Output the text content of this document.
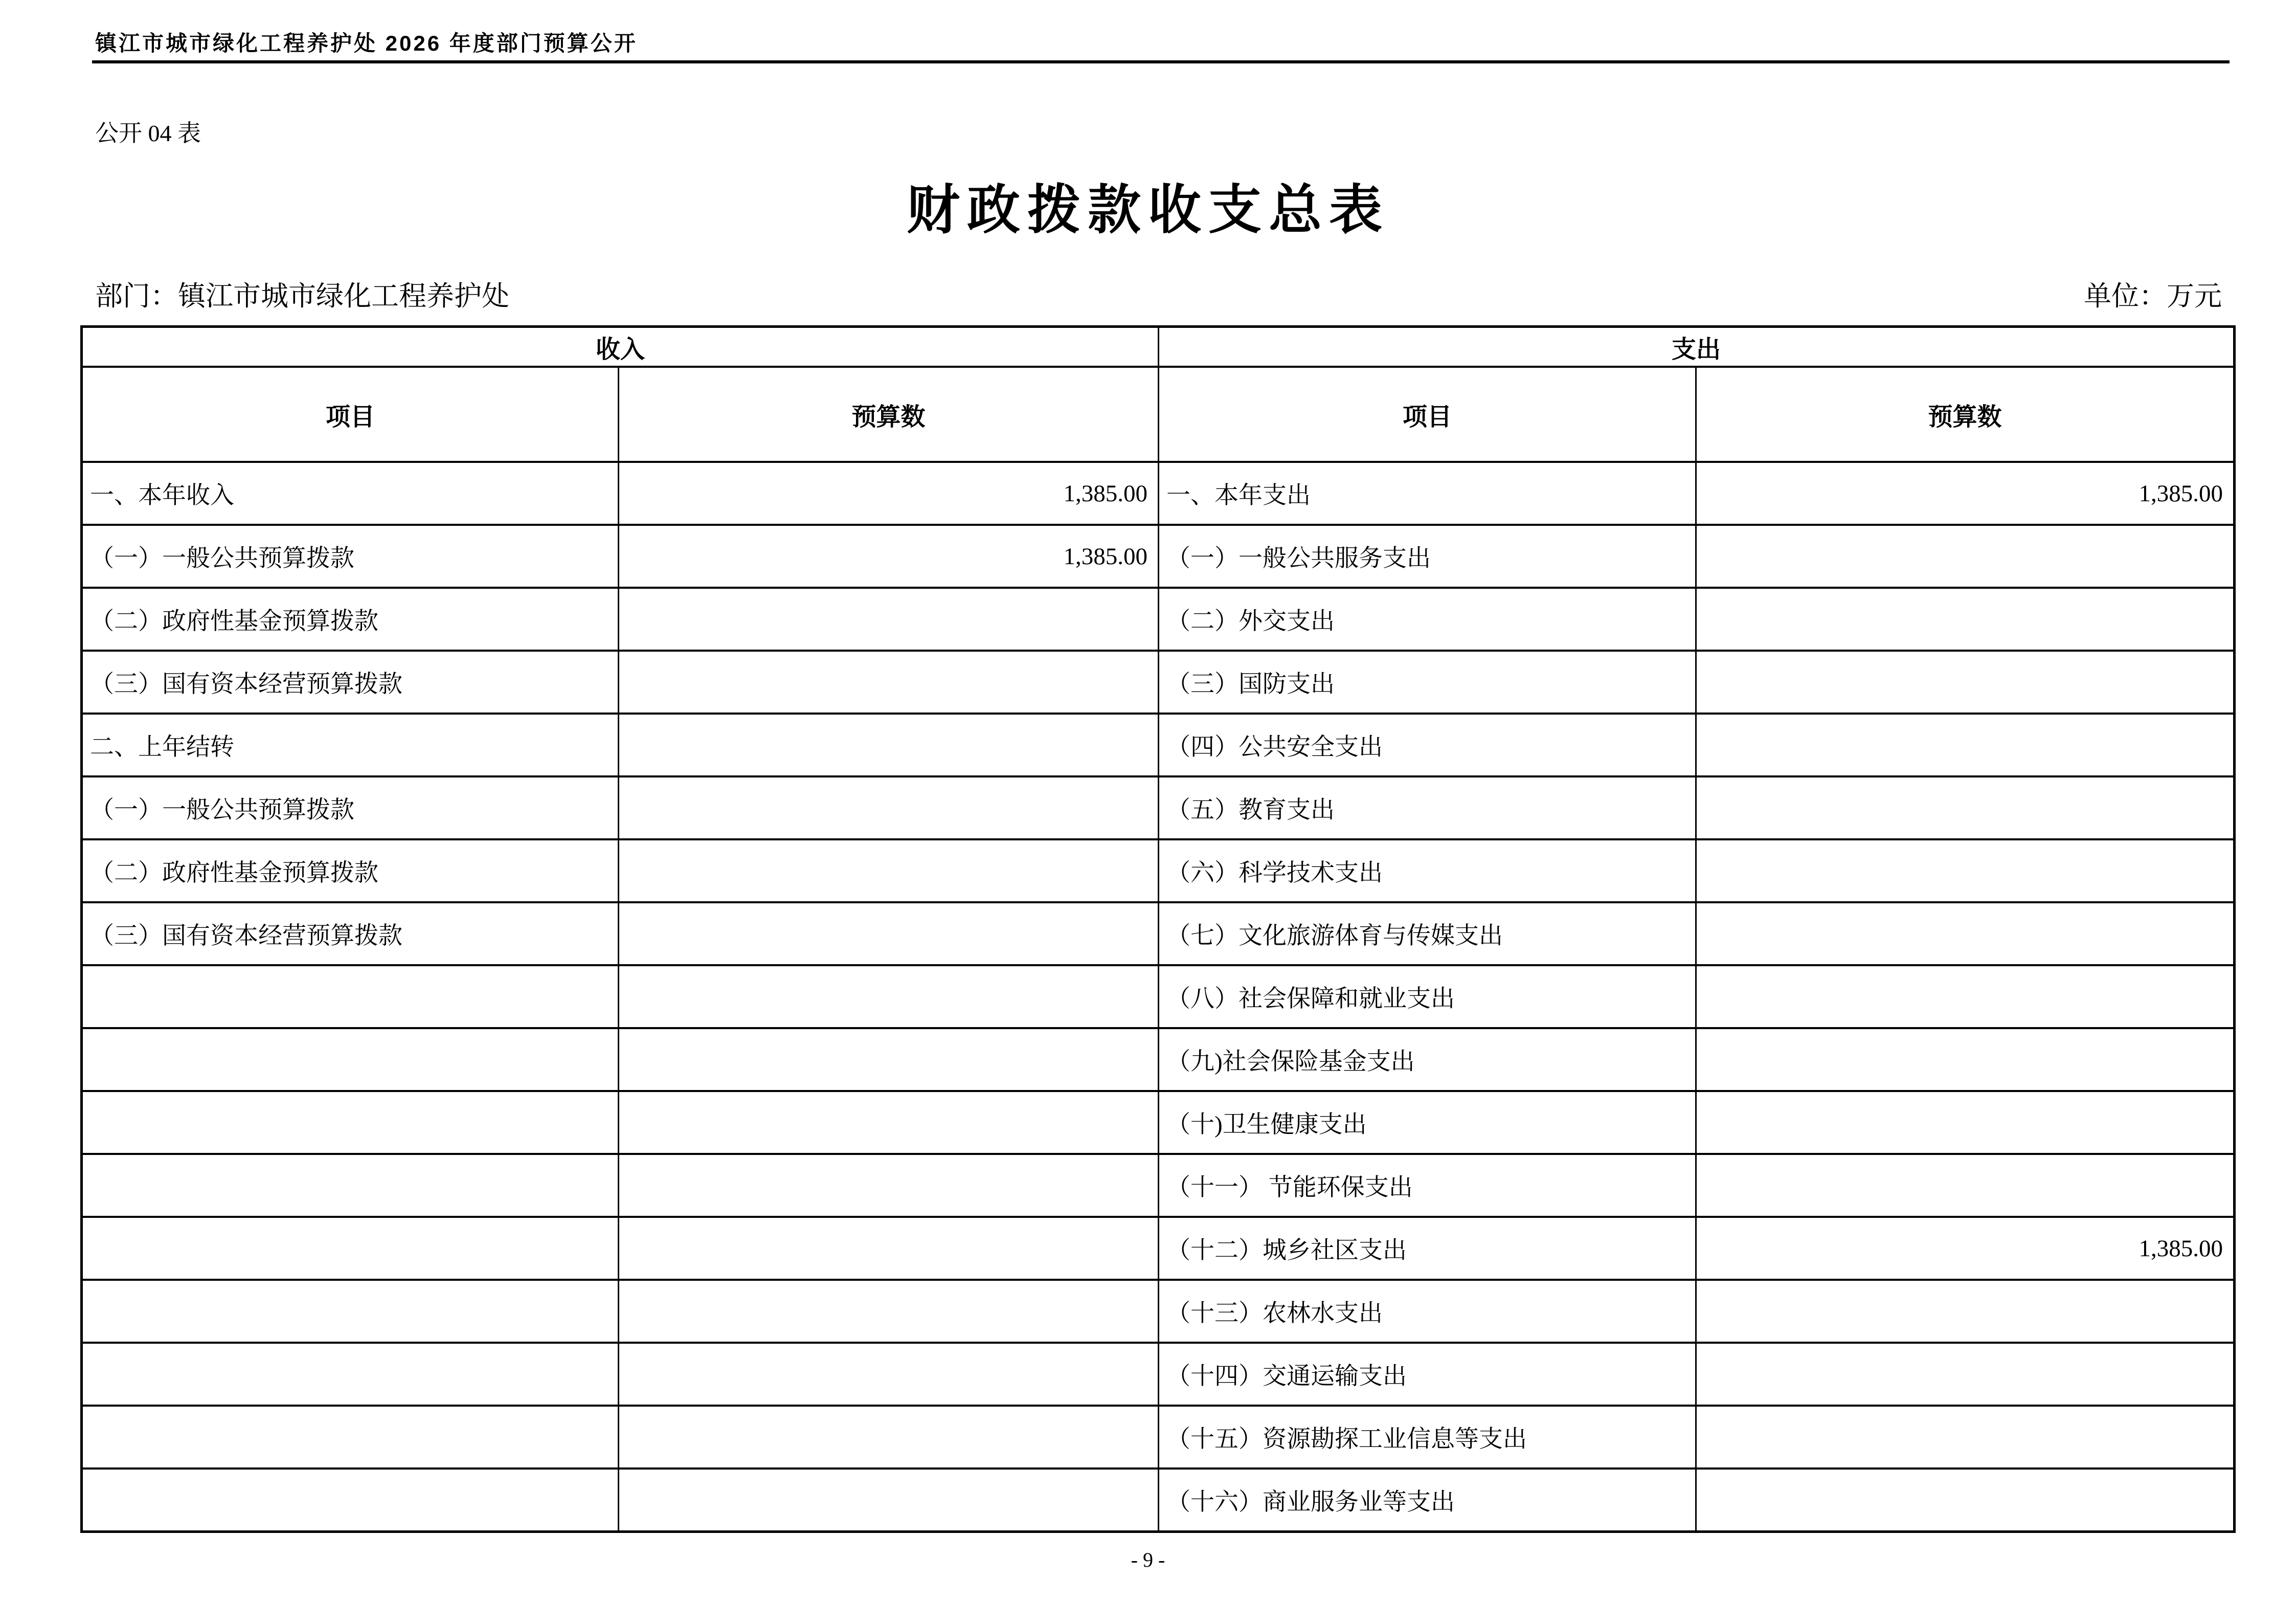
镇江市城市绿化工程养护处 2026 年度部门预算公开
公开 04 表
财政拨款收支总表
部门：镇江市城市绿化工程养护处	单位：万元
收入		支出	
项目	预算数	项目	预算数
一、本年收入	1,385.00	一、本年支出	1,385.00
（一）一般公共预算拨款	1,385.00	（一）一般公共服务支出	
（二）政府性基金预算拨款		（二）外交支出	
（三）国有资本经营预算拨款		（三）国防支出	
二、上年结转		（四）公共安全支出	
（一）一般公共预算拨款		（五）教育支出	
（二）政府性基金预算拨款		（六）科学技术支出	
（三）国有资本经营预算拨款		（七）文化旅游体育与传媒支出	
		（八）社会保障和就业支出	
		（九)社会保险基金支出	
		（十)卫生健康支出	
		（十一） 节能环保支出	
		（十二）城乡社区支出	1,385.00
		（十三）农林水支出	
		（十四）交通运输支出	
		（十五）资源勘探工业信息等支出	
		（十六）商业服务业等支出	
- 9 -
